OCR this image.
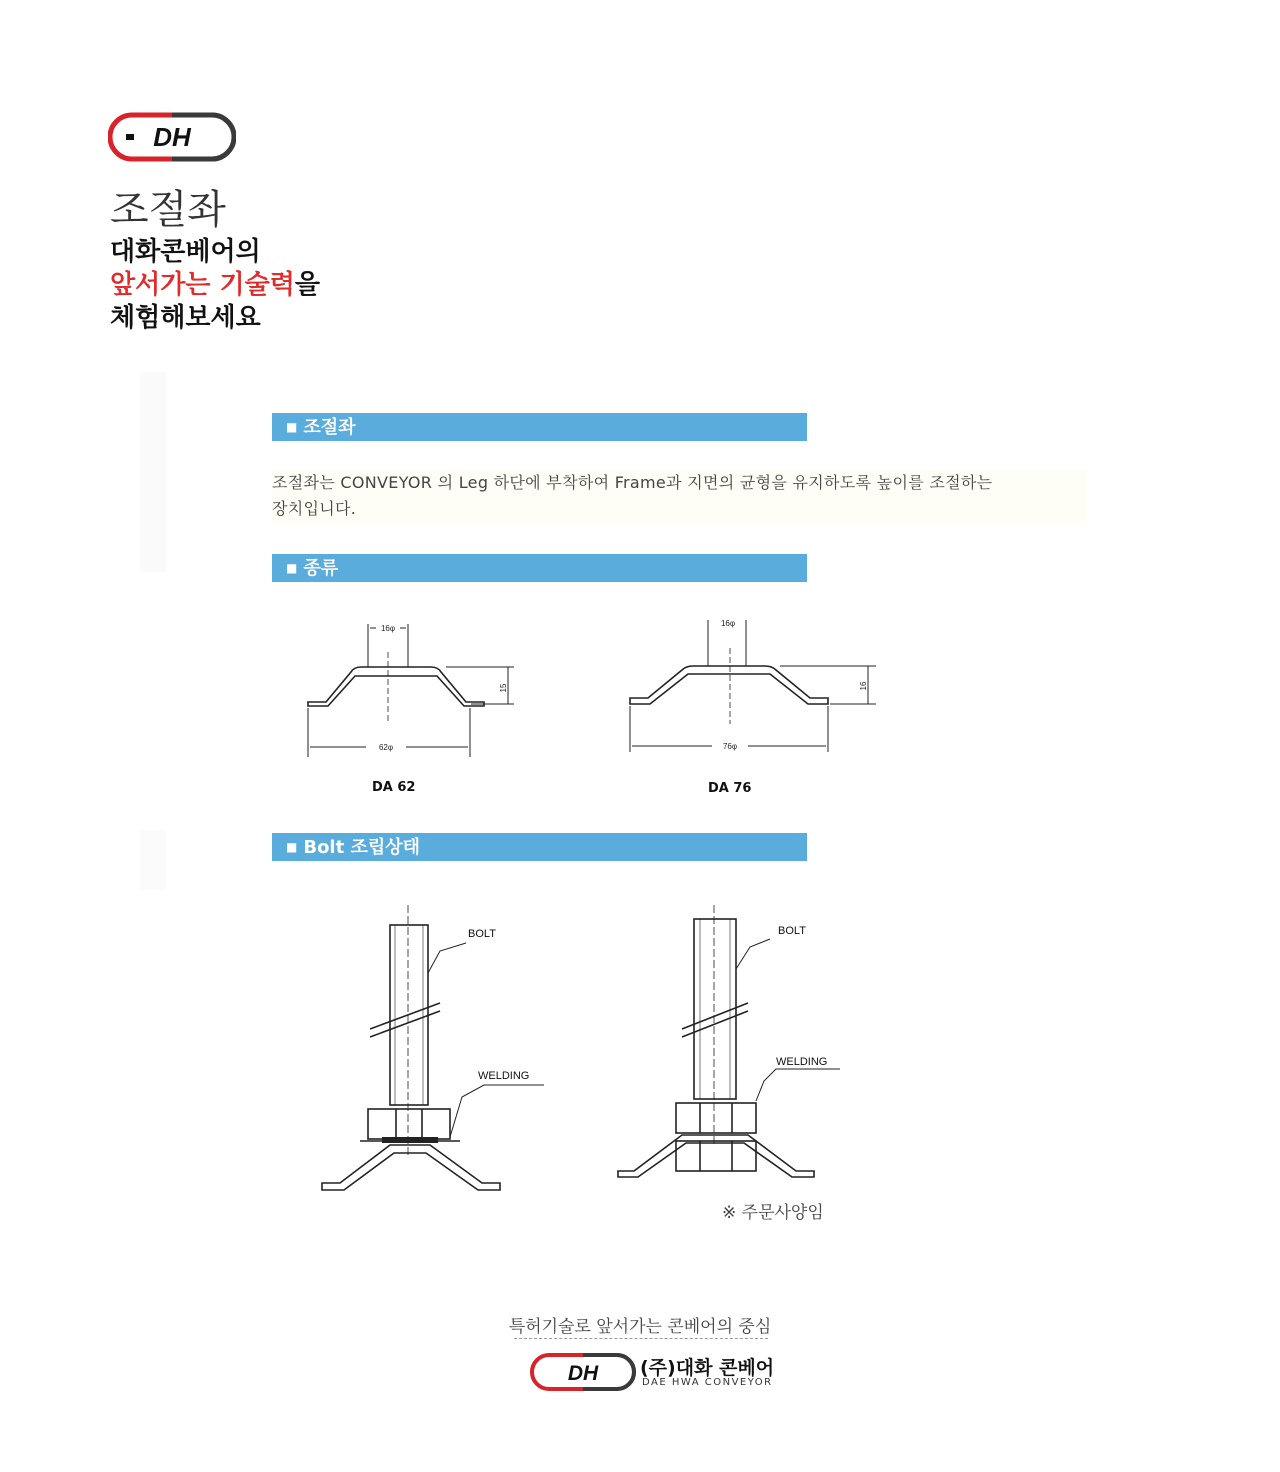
DH
조절좌
대화콘베어의
앞서가는 기술력을
체험해보세요
■ 조절좌
조절좌는 CONVEYOR 의 Leg 하단에 부착하여 Frame과 지면의 균형을 유지하도록 높이를 조절하는
장치입니다.
■ 종류
16φ
15
62φ
DA 62
16φ
16
76φ
DA 76
■ Bolt 조립상태
BOLT
WELDING
BOLT
WELDING
※ 주문사양임
특허기술로 앞서가는 콘베어의 중심
DH (주)대화 콘베어
DAE HWA CONVEYOR
